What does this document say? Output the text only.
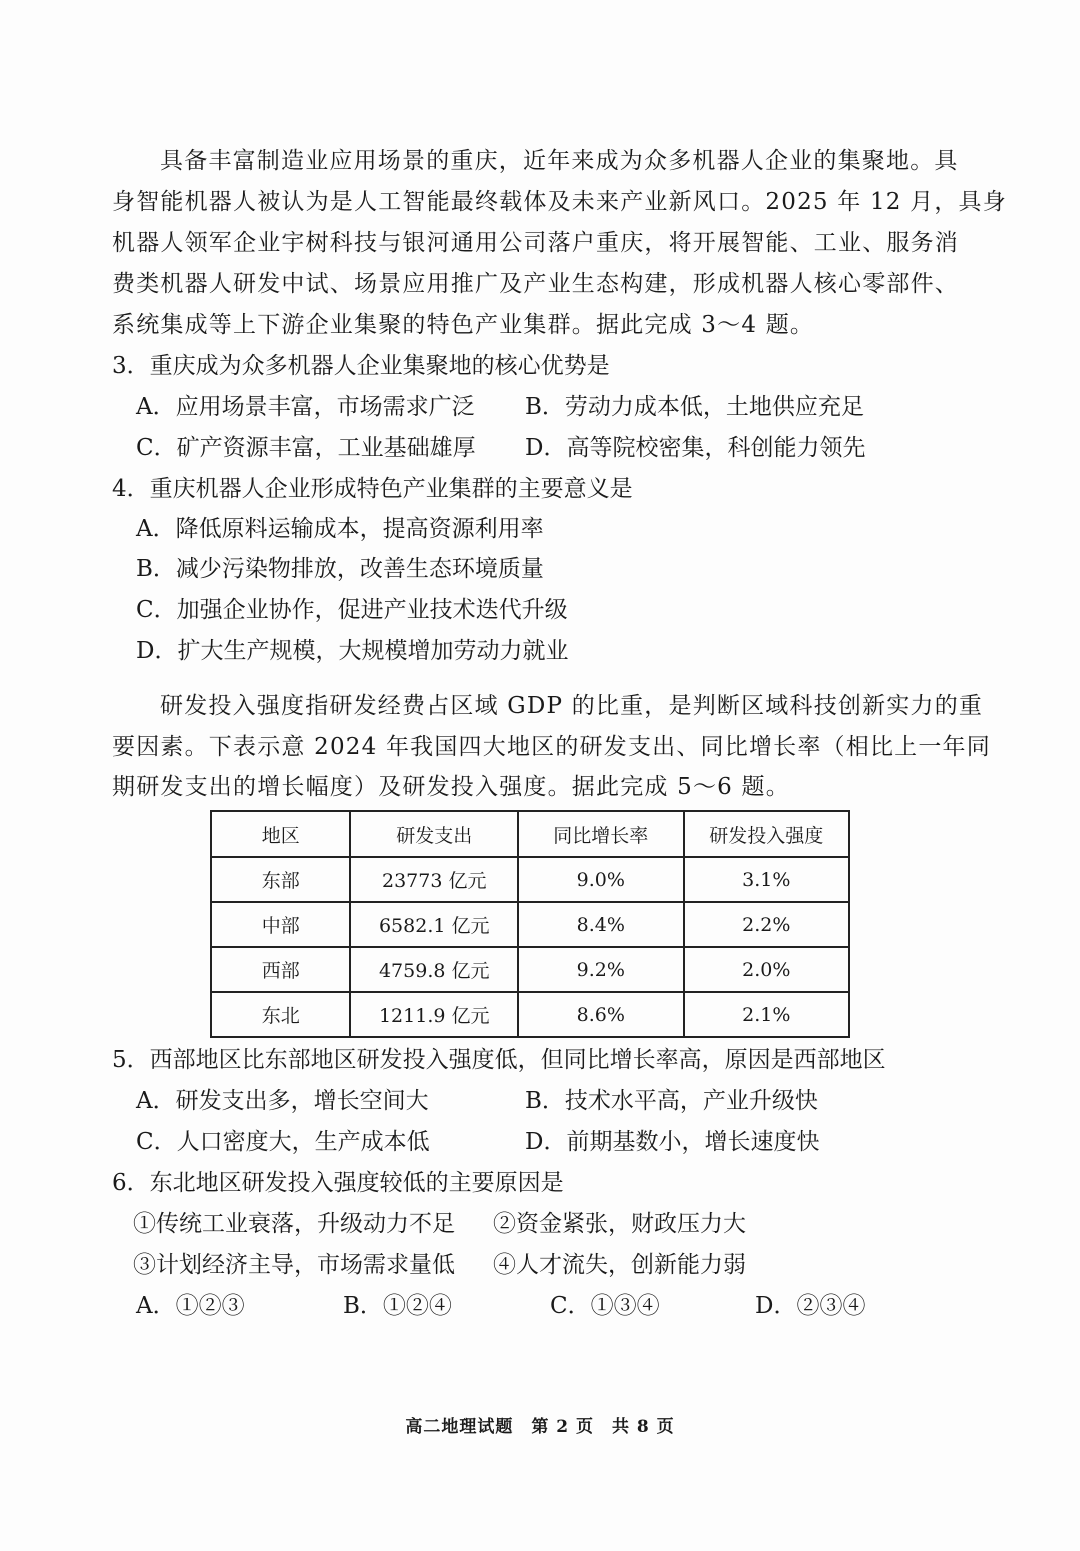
具备丰富制造业应用场景的重庆，近年来成为众多机器人企业的集聚地。具
身智能机器人被认为是人工智能最终载体及未来产业新风口。2025 年 12 月，具身
机器人领军企业宇树科技与银河通用公司落户重庆，将开展智能、工业、服务消
费类机器人研发中试、场景应用推广及产业生态构建，形成机器人核心零部件、
系统集成等上下游企业集聚的特色产业集群。据此完成 3～4 题。
3．重庆成为众多机器人企业集聚地的核心优势是
A．应用场景丰富，市场需求广泛 B．劳动力成本低，土地供应充足
C．矿产资源丰富，工业基础雄厚 D．高等院校密集，科创能力领先
4．重庆机器人企业形成特色产业集群的主要意义是
A．降低原料运输成本，提高资源利用率
B．减少污染物排放，改善生态环境质量
C．加强企业协作，促进产业技术迭代升级
D．扩大生产规模，大规模增加劳动力就业
研发投入强度指研发经费占区域 GDP 的比重，是判断区域科技创新实力的重
要因素。下表示意 2024 年我国四大地区的研发支出、同比增长率（相比上一年同
期研发支出的增长幅度）及研发投入强度。据此完成 5～6 题。
地区	研发支出	同比增长率	研发投入强度
东部	23773 亿元	9.0%	3.1%
中部	6582.1 亿元	8.4%	2.2%
西部	4759.8 亿元	9.2%	2.0%
东北	1211.9 亿元	8.6%	2.1%
5．西部地区比东部地区研发投入强度低，但同比增长率高，原因是西部地区
A．研发支出多，增长空间大	B．技术水平高，产业升级快
C．人口密度大，生产成本低	D．前期基数小，增长速度快
6．东北地区研发投入强度较低的主要原因是
①传统工业衰落，升级动力不足 ②资金紧张，财政压力大
③计划经济主导，市场需求量低 ④人才流失，创新能力弱
A．①②③	B．①②④	C．①③④	D．②③④
高二地理试题　第 2 页　共 8 页
